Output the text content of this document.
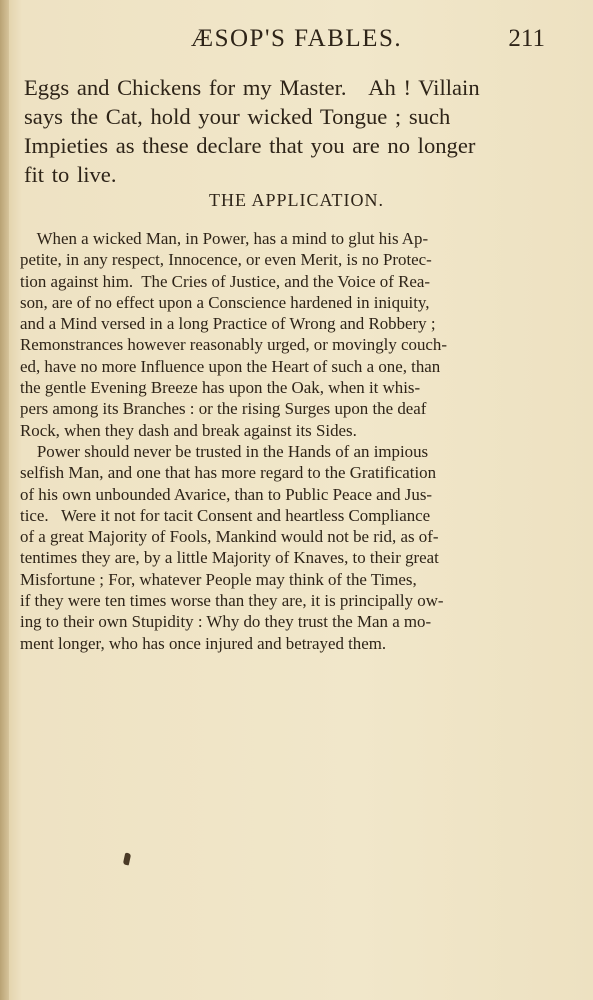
ÆSOP'S FABLES.	211
Eggs and Chickens for my Master.   Ah ! Villain
says the Cat, hold your wicked Tongue ; such
Impieties as these declare that you are no longer
fit to live.
THE APPLICATION.
When a wicked Man, in Power, has a mind to glut his Ap-
petite, in any respect, Innocence, or even Merit, is no Protec-
tion against him.  The Cries of Justice, and the Voice of Rea-
son, are of no effect upon a Conscience hardened in iniquity,
and a Mind versed in a long Practice of Wrong and Robbery ;
Remonstrances however reasonably urged, or movingly couch-
ed, have no more Influence upon the Heart of such a one, than
the gentle Evening Breeze has upon the Oak, when it whis-
pers among its Branches : or the rising Surges upon the deaf
Rock, when they dash and break against its Sides.
Power should never be trusted in the Hands of an impious
selfish Man, and one that has more regard to the Gratification
of his own unbounded Avarice, than to Public Peace and Jus-
tice.   Were it not for tacit Consent and heartless Compliance
of a great Majority of Fools, Mankind would not be rid, as of-
tentimes they are, by a little Majority of Knaves, to their great
Misfortune ; For, whatever People may think of the Times,
if they were ten times worse than they are, it is principally ow-
ing to their own Stupidity : Why do they trust the Man a mo-
ment longer, who has once injured and betrayed them.
